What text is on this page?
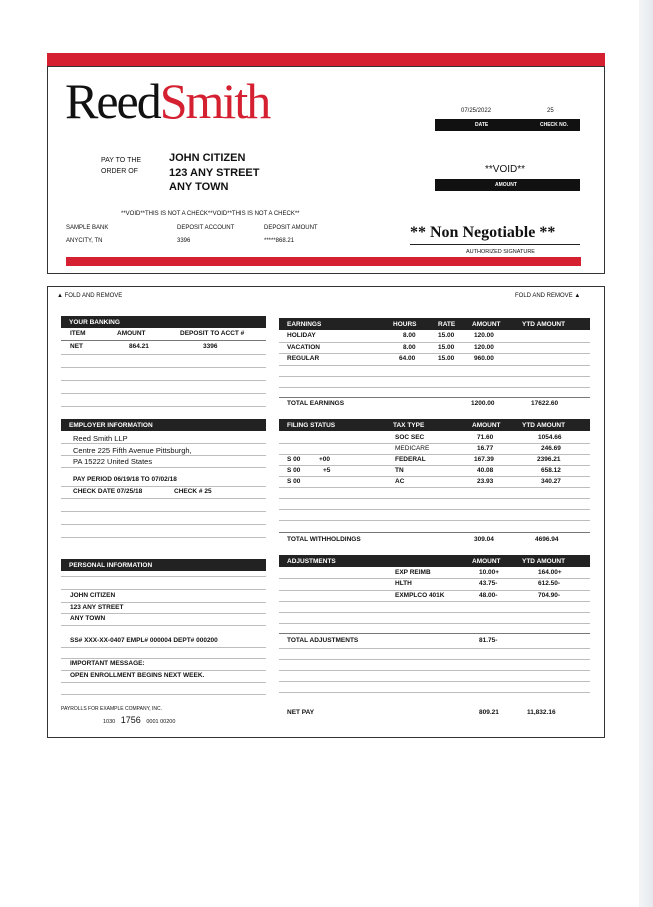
ReedSmith	07/25/2022	25
DATE	CHECK NO.
PAY TO THE ORDER OF
JOHN CITIZEN
123 ANY STREET
ANY TOWN
**VOID**
AMOUNT
**VOID**THIS IS NOT A CHECK**VOID**THIS IS NOT A CHECK**
SAMPLE BANK
ANYCITY, TN
DEPOSIT ACCOUNT
3396
DEPOSIT AMOUNT
*****868.21	** Non Negotiable **
AUTHORIZED SIGNATURE
▲ FOLD AND REMOVE	FOLD AND REMOVE ▲
YOUR BANKING
ITEM	AMOUNT	DEPOSIT TO ACCT #
NET	864.21	3396
EARNINGS	HOURS	RATE	AMOUNT	YTD AMOUNT
HOLIDAY	8.00	15.00	120.00
VACATION	8.00	15.00	120.00
REGULAR	64.00	15.00	960.00
TOTAL EARNINGS	1200.00	17622.60
EMPLOYER INFORMATION
Reed Smith LLP
Centre 225 Fifth Avenue Pittsburgh,
PA 15222 United States
PAY PERIOD 06/19/18 TO 07/02/18
CHECK DATE 07/25/18	CHECK # 25
FILING STATUS	TAX TYPE	AMOUNT	YTD AMOUNT
SOC SEC	71.60	1054.66
MEDICARE	16.77	246.69
S 00	+00	FEDERAL	167.39	2396.21
S 00	+5	TN	40.08	658.12
S 00	AC	23.93	340.27
TOTAL WITHHOLDINGS	309.04	4696.94
PERSONAL INFORMATION
JOHN CITIZEN
123 ANY STREET
ANY TOWN
SS# XXX-XX-0407 EMPL# 000004 DEPT# 000200
IMPORTANT MESSAGE:
OPEN ENROLLMENT BEGINS NEXT WEEK.
ADJUSTMENTS	AMOUNT	YTD AMOUNT
EXP REIMB	10.00+	164.00+
HLTH	43.75-	612.50-
EXMPLCO 401K	48.00-	704.90-
TOTAL ADJUSTMENTS	81.75-
PAYROLLS FOR EXAMPLE COMPANY, INC.
1030 1756 0001 00200
NET PAY	809.21	11,832.16
